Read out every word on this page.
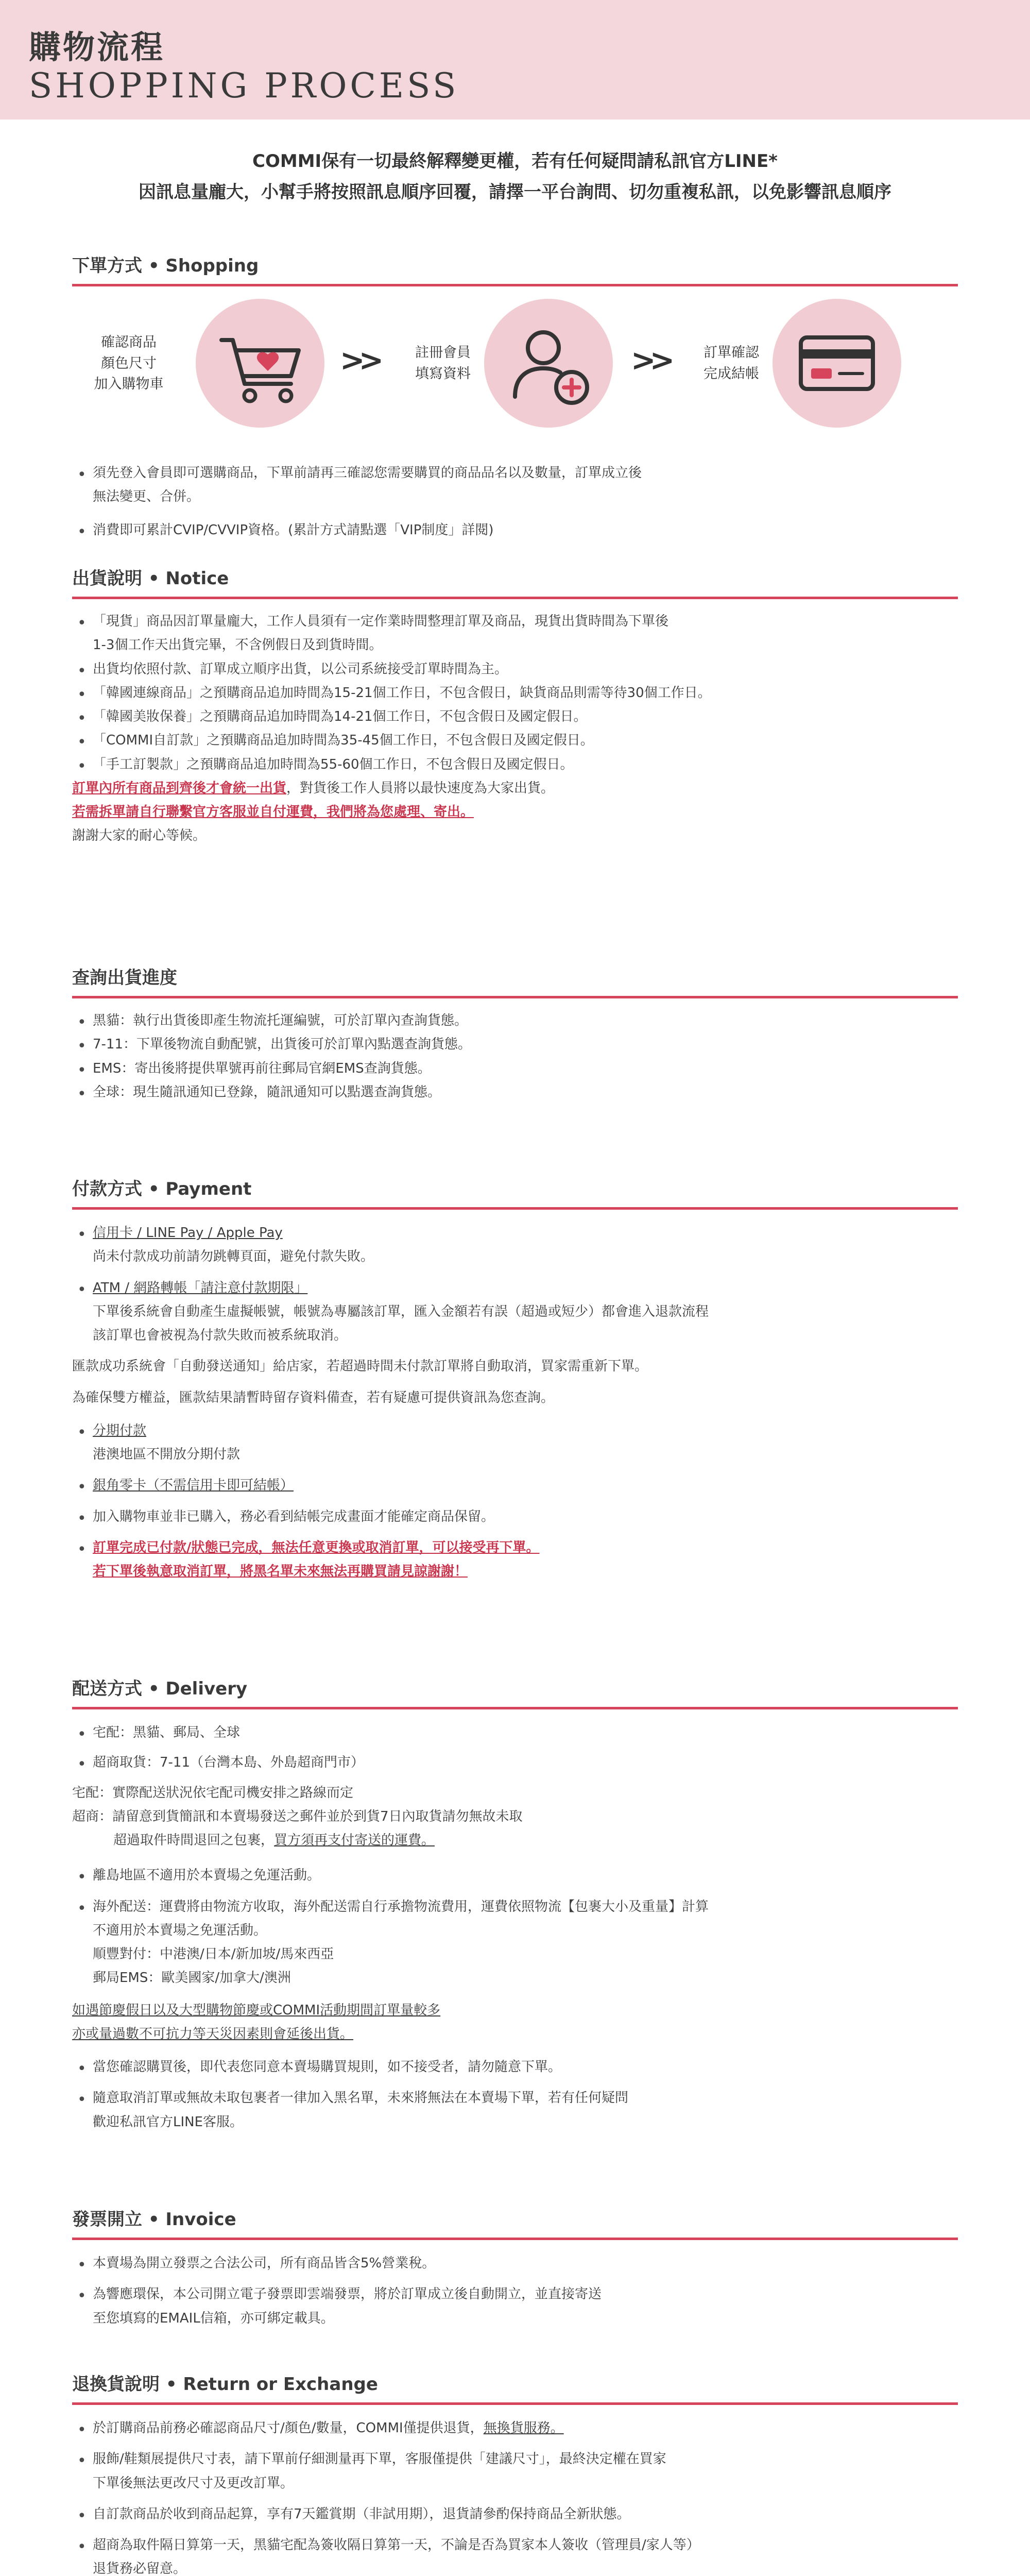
購物流程
SHOPPING PROCESS
COMMI保有一切最終解釋變更權，若有任何疑問請私訊官方LINE*
因訊息量龐大，小幫手將按照訊息順序回覆，請擇一平台詢問、切勿重複私訊，以免影響訊息順序
下單方式 • Shopping
確認商品
顏色尺寸
加入購物車
>>	註冊會員
填寫資料	>>	訂單確認
完成結帳
• 須先登入會員即可選購商品，下單前請再三確認您需要購買的商品品名以及數量，訂單成立後
無法變更、合併。
• 消費即可累計CVIP/CVVIP資格。(累計方式請點選「VIP制度」詳閱)
出貨說明 • Notice
• 「現貨」商品因訂單量龐大，工作人員須有一定作業時間整理訂單及商品，現貨出貨時間為下單後
1-3個工作天出貨完畢，不含例假日及到貨時間。
• 出貨均依照付款、訂單成立順序出貨，以公司系統接受訂單時間為主。
• 「韓國連線商品」之預購商品追加時間為15-21個工作日，不包含假日，缺貨商品則需等待30個工作日。
• 「韓國美妝保養」之預購商品追加時間為14-21個工作日，不包含假日及國定假日。
• 「COMMI自訂款」之預購商品追加時間為35-45個工作日，不包含假日及國定假日。
• 「手工訂製款」之預購商品追加時間為55-60個工作日，不包含假日及國定假日。

訂單內所有商品到齊後才會統一出貨，對貨後工作人員將以最快速度為大家出貨。

若需拆單請自行聯繫官方客服並自付運費，我們將為您處理、寄出。

謝謝大家的耐心等候。

查詢出貨進度
• 黑貓：執行出貨後即產生物流托運編號，可於訂單內查詢貨態。
• 7-11：下單後物流自動配號，出貨後可於訂單內點選查詢貨態。
• EMS：寄出後將提供單號再前往郵局官網EMS查詢貨態。
• 全球：現生隨訊通知已登錄，隨訊通知可以點選查詢貨態。
付款方式 • Payment
• 信用卡 / LINE Pay / Apple Pay
尚未付款成功前請勿跳轉頁面，避免付款失敗。
• ATM / 網路轉帳「請注意付款期限」
下單後系統會自動產生虛擬帳號，帳號為專屬該訂單，匯入金額若有誤（超過或短少）都會進入退款流程
該訂單也會被視為付款失敗而被系統取消。

匯款成功系統會「自動發送通知」給店家，若超過時間未付款訂單將自動取消，買家需重新下單。

為確保雙方權益，匯款結果請暫時留存資料備查，若有疑慮可提供資訊為您查詢。

• 分期付款
港澳地區不開放分期付款
• 銀角零卡（不需信用卡即可結帳）
• 加入購物車並非已購入，務必看到結帳完成畫面才能確定商品保留。
• 訂單完成已付款/狀態已完成，無法任意更換或取消訂單，可以接受再下單。
若下單後執意取消訂單，將黑名單未來無法再購買請見諒謝謝！
配送方式 • Delivery
• 宅配：黑貓、郵局、全球
• 超商取貨：7-11（台灣本島、外島超商門市）

宅配：實際配送狀況依宅配司機安排之路線而定

超商：請留意到貨簡訊和本賣場發送之郵件並於到貨7日內取貨請勿無故未取

超過取件時間退回之包裹，買方須再支付寄送的運費。

• 離島地區不適用於本賣場之免運活動。
• 海外配送：運費將由物流方收取，海外配送需自行承擔物流費用，運費依照物流【包裹大小及重量】計算
不適用於本賣場之免運活動。
順豐對付：中港澳/日本/新加坡/馬來西亞
郵局EMS：歐美國家/加拿大/澳洲

如遇節慶假日以及大型購物節慶或COMMI活動期間訂單量較多

亦或量過數不可抗力等天災因素則會延後出貨。

• 當您確認購買後，即代表您同意本賣場購買規則，如不接受者，請勿隨意下單。
• 隨意取消訂單或無故未取包裹者一律加入黑名單，未來將無法在本賣場下單，若有任何疑問
歡迎私訊官方LINE客服。
發票開立 • Invoice
• 本賣場為開立發票之合法公司，所有商品皆含5%營業稅。
• 為響應環保，本公司開立電子發票即雲端發票，將於訂單成立後自動開立，並直接寄送
至您填寫的EMAIL信箱，亦可綁定載具。
退換貨說明 • Return or Exchange
• 於訂購商品前務必確認商品尺寸/顏色/數量，COMMI僅提供退貨，無換貨服務。
• 服飾/鞋類展提供尺寸表，請下單前仔細測量再下單，客服僅提供「建議尺寸」，最終決定權在買家
下單後無法更改尺寸及更改訂單。
• 自訂款商品於收到商品起算，享有7天鑑賞期（非試用期），退貨請參酌保持商品全新狀態。
• 超商為取件隔日算第一天，黑貓宅配為簽收隔日算第一天，不論是否為買家本人簽收（管理員/家人等）
退貨務必留意。
